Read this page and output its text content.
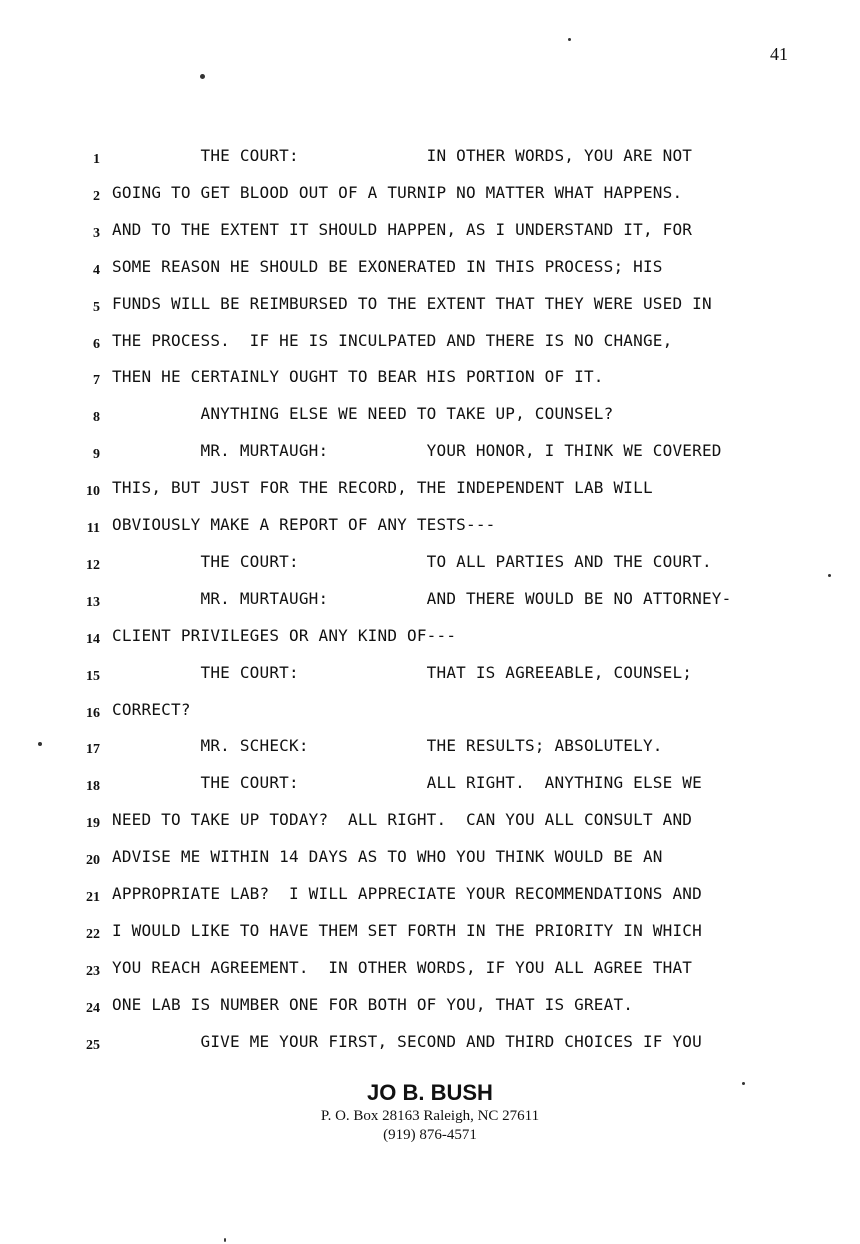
41
1 THE COURT:             IN OTHER WORDS, YOU ARE NOT
2 GOING TO GET BLOOD OUT OF A TURNIP NO MATTER WHAT HAPPENS.
3 AND TO THE EXTENT IT SHOULD HAPPEN, AS I UNDERSTAND IT, FOR
4 SOME REASON HE SHOULD BE EXONERATED IN THIS PROCESS; HIS
5 FUNDS WILL BE REIMBURSED TO THE EXTENT THAT THEY WERE USED IN
6 THE PROCESS.  IF HE IS INCULPATED AND THERE IS NO CHANGE,
7 THEN HE CERTAINLY OUGHT TO BEAR HIS PORTION OF IT.
8 ANYTHING ELSE WE NEED TO TAKE UP, COUNSEL?
9 MR. MURTAUGH:          YOUR HONOR, I THINK WE COVERED
10 THIS, BUT JUST FOR THE RECORD, THE INDEPENDENT LAB WILL
11 OBVIOUSLY MAKE A REPORT OF ANY TESTS---
12 THE COURT:             TO ALL PARTIES AND THE COURT.
13 MR. MURTAUGH:          AND THERE WOULD BE NO ATTORNEY-
14 CLIENT PRIVILEGES OR ANY KIND OF---
15 THE COURT:             THAT IS AGREEABLE, COUNSEL;
16 CORRECT?
17 MR. SCHECK:            THE RESULTS; ABSOLUTELY.
18 THE COURT:             ALL RIGHT.  ANYTHING ELSE WE
19 NEED TO TAKE UP TODAY?  ALL RIGHT.  CAN YOU ALL CONSULT AND
20 ADVISE ME WITHIN 14 DAYS AS TO WHO YOU THINK WOULD BE AN
21 APPROPRIATE LAB?  I WILL APPRECIATE YOUR RECOMMENDATIONS AND
22 I WOULD LIKE TO HAVE THEM SET FORTH IN THE PRIORITY IN WHICH
23 YOU REACH AGREEMENT.  IN OTHER WORDS, IF YOU ALL AGREE THAT
24 ONE LAB IS NUMBER ONE FOR BOTH OF YOU, THAT IS GREAT.
25 GIVE ME YOUR FIRST, SECOND AND THIRD CHOICES IF YOU
JO B. BUSH
P. O. Box 28163 Raleigh, NC 27611
(919) 876-4571
